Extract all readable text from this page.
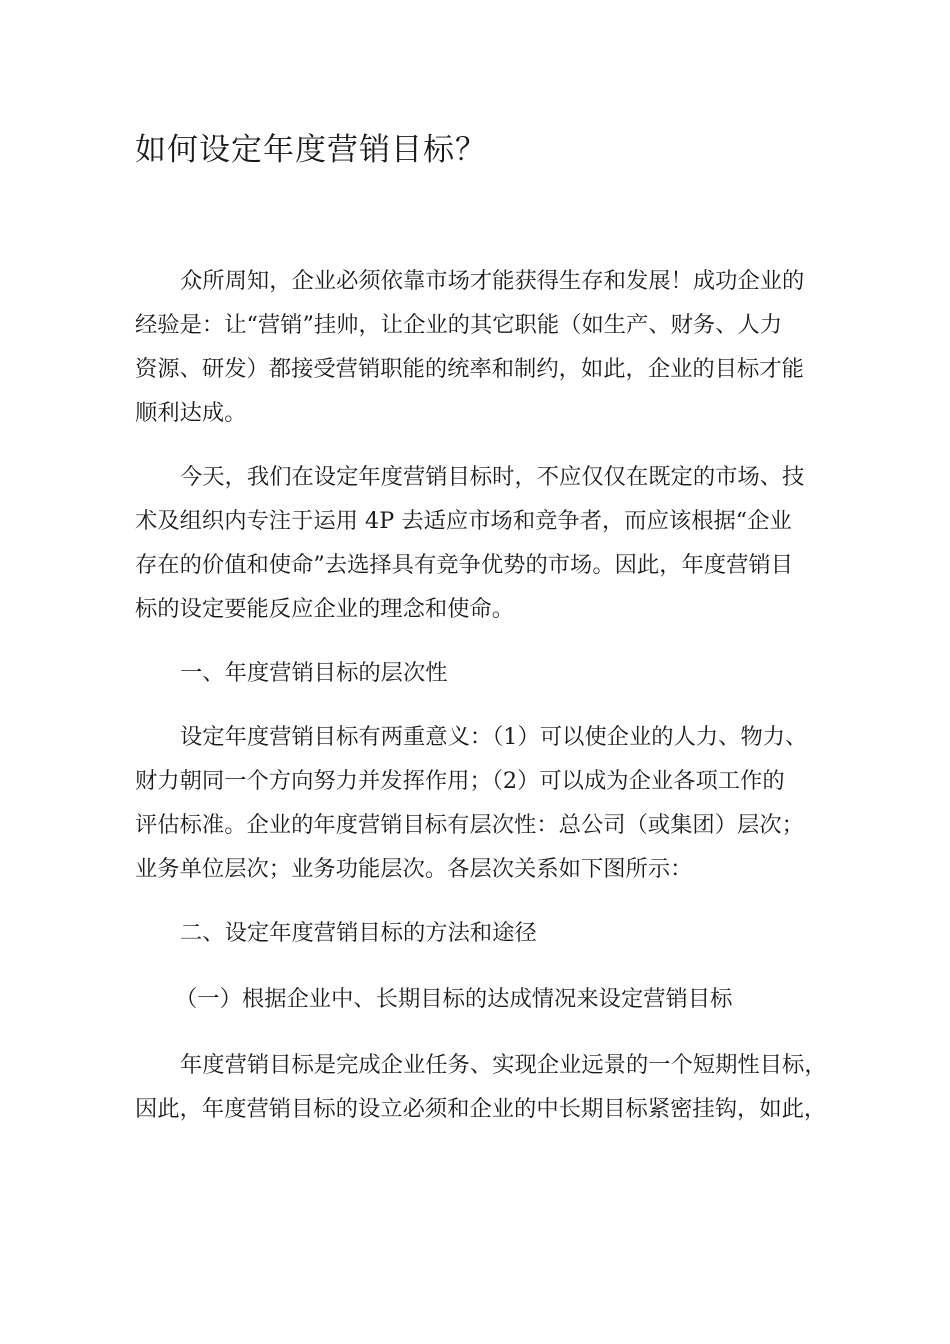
如何设定年度营销目标？
众所周知，企业必须依靠市场才能获得生存和发展！成功企业的
经验是：让“营销”挂帅，让企业的其它职能（如生产、财务、人力
资源、研发）都接受营销职能的统率和制约，如此，企业的目标才能
顺利达成。
今天，我们在设定年度营销目标时，不应仅仅在既定的市场、技
术及组织内专注于运用 4P 去适应市场和竞争者，而应该根据“企业
存在的价值和使命”去选择具有竞争优势的市场。因此，年度营销目
标的设定要能反应企业的理念和使命。
一、年度营销目标的层次性
设定年度营销目标有两重意义：（1）可以使企业的人力、物力、
财力朝同一个方向努力并发挥作用；（2）可以成为企业各项工作的
评估标准。企业的年度营销目标有层次性：总公司（或集团）层次；
业务单位层次；业务功能层次。各层次关系如下图所示：
二、设定年度营销目标的方法和途径
（一）根据企业中、长期目标的达成情况来设定营销目标
年度营销目标是完成企业任务、实现企业远景的一个短期性目标，
因此，年度营销目标的设立必须和企业的中长期目标紧密挂钩，如此，
